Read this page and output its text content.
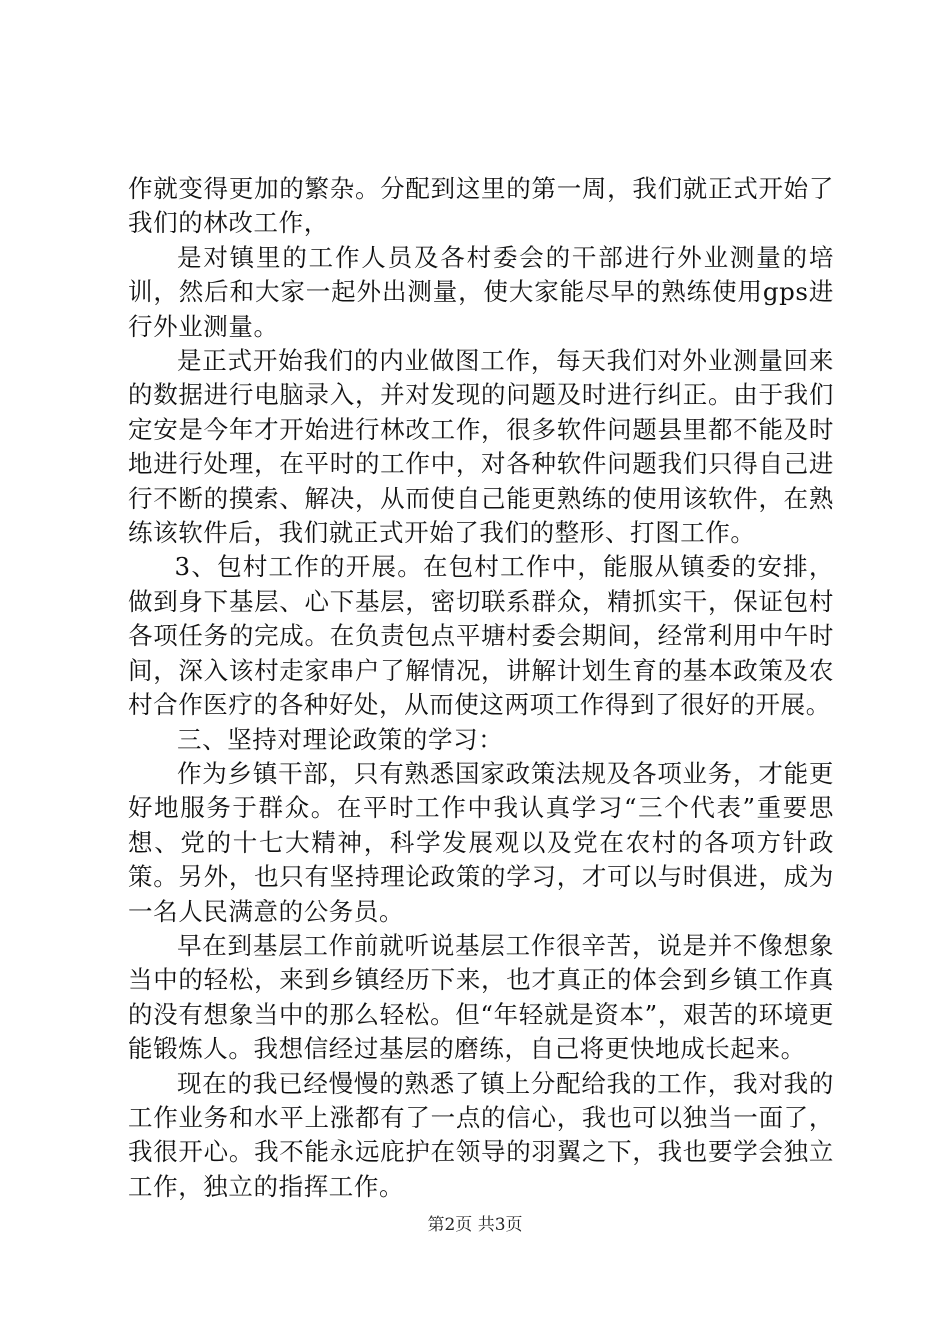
作就变得更加的繁杂。分配到这里的第一周，我们就正式开始了我们的林改工作，

是对镇里的工作人员及各村委会的干部进行外业测量的培训，然后和大家一起外出测量，使大家能尽早的熟练使用gps进行外业测量。

是正式开始我们的内业做图工作，每天我们对外业测量回来的数据进行电脑录入，并对发现的问题及时进行纠正。由于我们定安是今年才开始进行林改工作，很多软件问题县里都不能及时地进行处理，在平时的工作中，对各种软件问题我们只得自己进行不断的摸索、解决，从而使自己能更熟练的使用该软件，在熟练该软件后，我们就正式开始了我们的整形、打图工作。

3、包村工作的开展。在包村工作中，能服从镇委的安排，做到身下基层、心下基层，密切联系群众，精抓实干，保证包村各项任务的完成。在负责包点平塘村委会期间，经常利用中午时间，深入该村走家串户了解情况，讲解计划生育的基本政策及农村合作医疗的各种好处，从而使这两项工作得到了很好的开展。

三、坚持对理论政策的学习：

作为乡镇干部，只有熟悉国家政策法规及各项业务，才能更好地服务于群众。在平时工作中我认真学习“三个代表”重要思想、党的十七大精神，科学发展观以及党在农村的各项方针政策。另外，也只有坚持理论政策的学习，才可以与时俱进，成为一名人民满意的公务员。

早在到基层工作前就听说基层工作很辛苦，说是并不像想象当中的轻松，来到乡镇经历下来，也才真正的体会到乡镇工作真的没有想象当中的那么轻松。但“年轻就是资本”，艰苦的环境更能锻炼人。我想信经过基层的磨练，自己将更快地成长起来。

现在的我已经慢慢的熟悉了镇上分配给我的工作，我对我的工作业务和水平上涨都有了一点的信心，我也可以独当一面了，我很开心。我不能永远庇护在领导的羽翼之下，我也要学会独立工作，独立的指挥工作。

第2页 共3页
